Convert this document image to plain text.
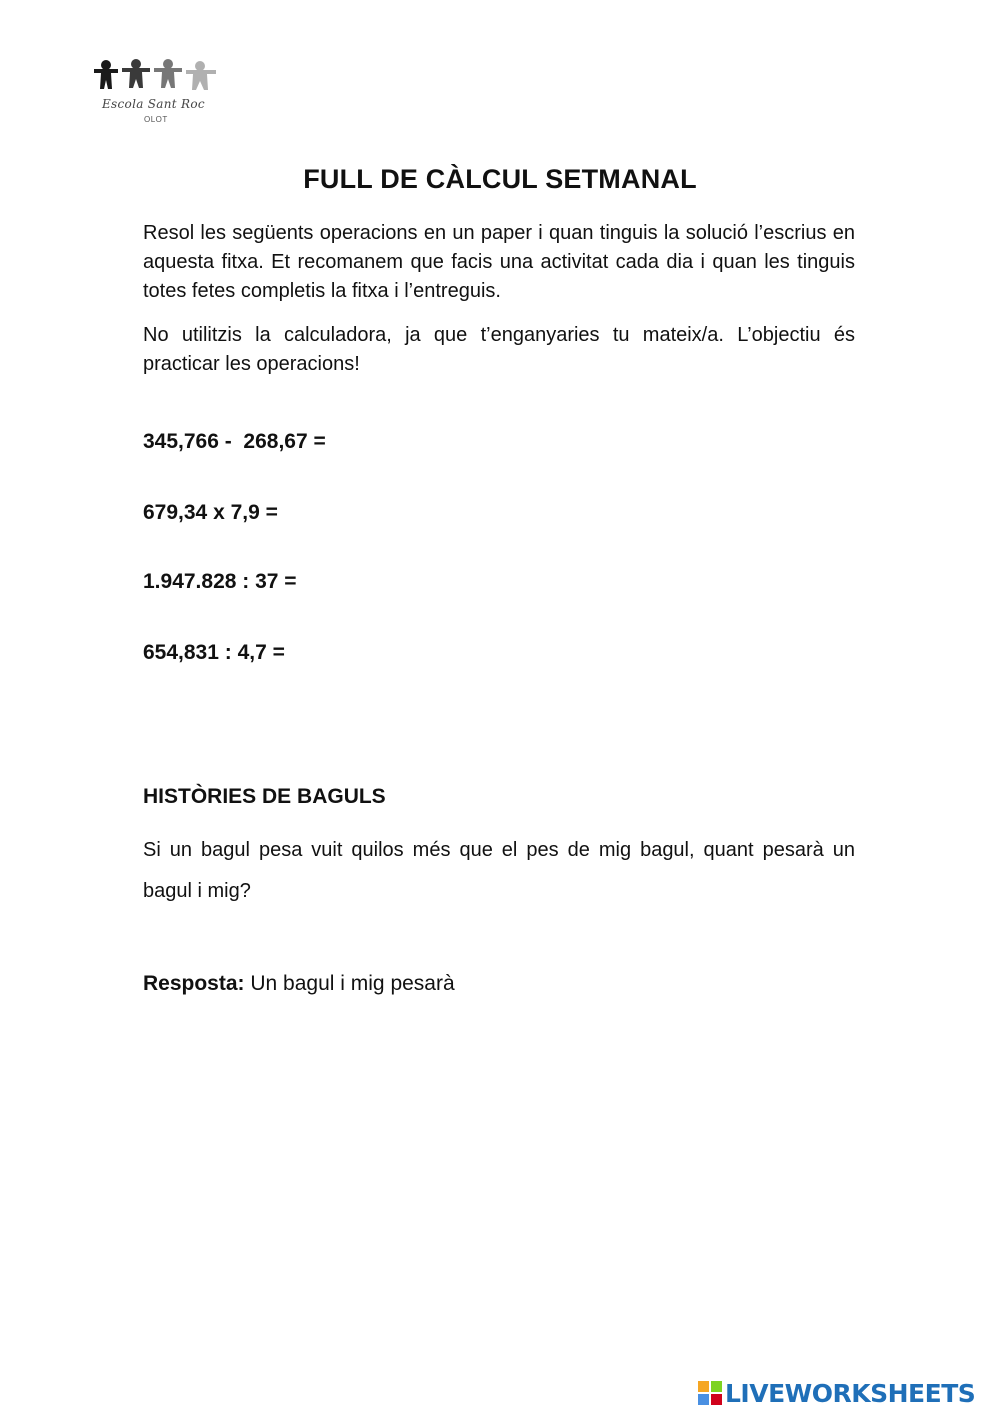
Escola Sant Roc
OLOT
FULL DE CÀLCUL SETMANAL
Resol les següents operacions en un paper i quan tinguis la solució l’escrius en aquesta fitxa. Et recomanem que facis una activitat cada dia i quan les tinguis totes fetes completis la fitxa i l’entreguis.
No utilitzis la calculadora, ja que t’enganyaries tu mateix/a. L’objectiu és practicar les operacions!
345,766 -  268,67 =
679,34 x 7,9 =
1.947.828 : 37 =
654,831 : 4,7 =
HISTÒRIES DE BAGULS
Si un bagul pesa vuit quilos més que el pes de mig bagul, quant pesarà un bagul i mig?
Resposta: Un bagul i mig pesarà
LIVEWORKSHEETS
